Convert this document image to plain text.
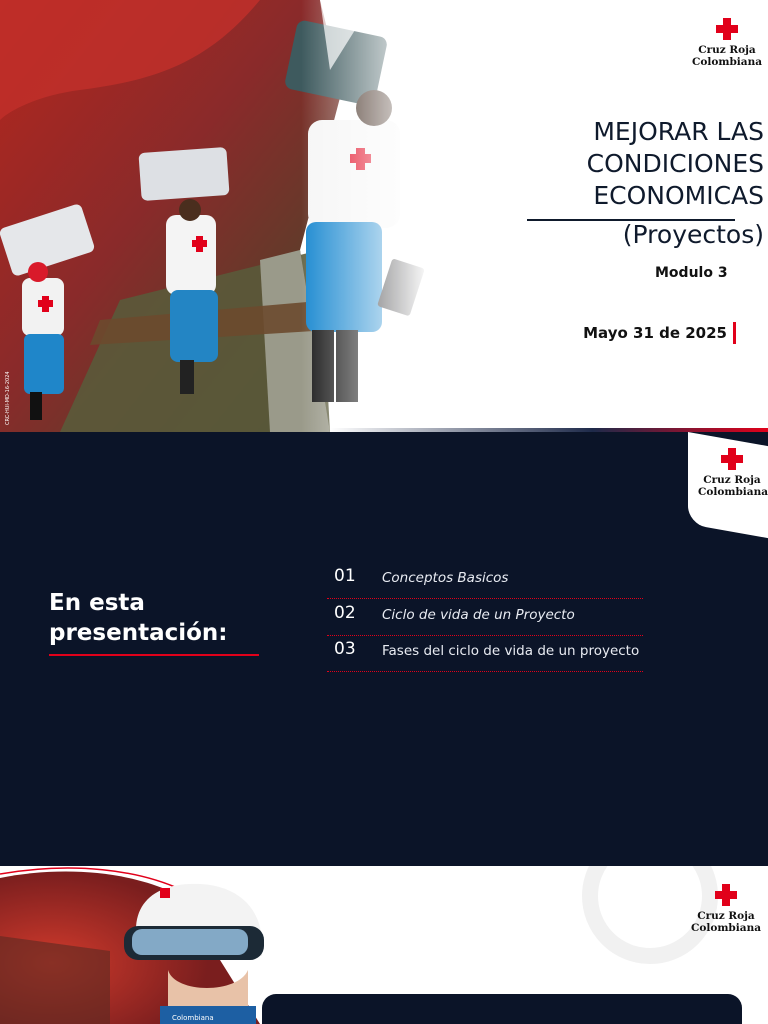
CRC-HUI-MD-16-2024
Cruz Roja
Colombiana
MEJORAR LAS
CONDICIONES
ECONOMICAS
(Proyectos)
Modulo 3
Mayo 31 de 2025
Cruz Roja
Colombiana
En esta
presentación:
01 Conceptos Basicos
02 Ciclo de vida de un Proyecto
03 Fases del ciclo de vida de un proyecto
Colombiana
Cruz Roja
Colombiana
